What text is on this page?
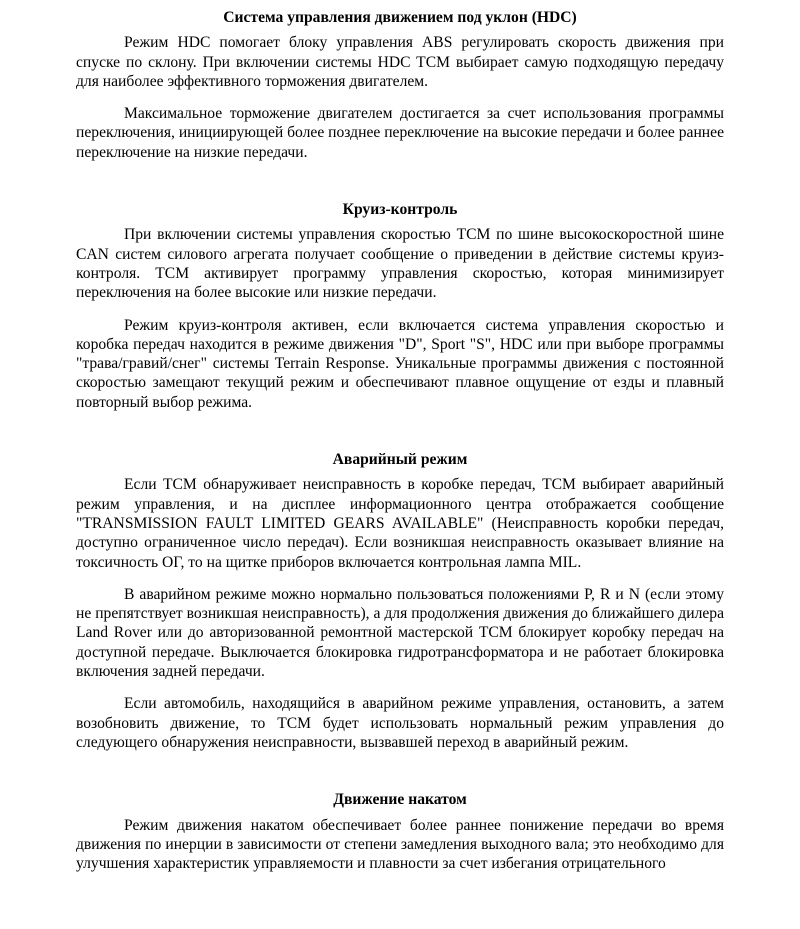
Система управления движением под уклон (HDC)

Режим HDC помогает блоку управления ABS регулировать скорость движения при спуске по склону. При включении системы HDC TCM выбирает самую подходящую передачу для наиболее эффективного торможения двигателем.

Максимальное торможение двигателем достигается за счет использования программы переключения, инициирующей более позднее переключение на высокие передачи и более раннее переключение на низкие передачи.

Круиз-контроль

При включении системы управления скоростью TCM по шине высокоскоростной шине CAN систем силового агрегата получает сообщение о приведении в действие системы круиз-контроля. TCM активирует программу управления скоростью, которая минимизирует переключения на более высокие или низкие передачи.

Режим круиз-контроля активен, если включается система управления скоростью и коробка передач находится в режиме движения "D", Sport "S", HDC или при выборе программы "трава/гравий/снег" системы Terrain Response. Уникальные программы движения с постоянной скоростью замещают текущий режим и обеспечивают плавное ощущение от езды и плавный повторный выбор режима.

Аварийный режим

Если TCM обнаруживает неисправность в коробке передач, TCM выбирает аварийный режим управления, и на дисплее информационного центра отображается сообщение "TRANSMISSION FAULT LIMITED GEARS AVAILABLE" (Неисправность коробки передач, доступно ограниченное число передач). Если возникшая неисправность оказывает влияние на токсичность ОГ, то на щитке приборов включается контрольная лампа MIL.

В аварийном режиме можно нормально пользоваться положениями P, R и N (если этому не препятствует возникшая неисправность), а для продолжения движения до ближайшего дилера Land Rover или до авторизованной ремонтной мастерской TCM блокирует коробку передач на доступной передаче. Выключается блокировка гидротрансформатора и не работает блокировка включения задней передачи.

Если автомобиль, находящийся в аварийном режиме управления, остановить, а затем возобновить движение, то TCM будет использовать нормальный режим управления до следующего обнаружения неисправности, вызвавшей переход в аварийный режим.

Движение накатом

Режим движения накатом обеспечивает более раннее понижение передачи во время движения по инерции в зависимости от степени замедления выходного вала; это необходимо для улучшения характеристик управляемости и плавности за счет избегания отрицательного
